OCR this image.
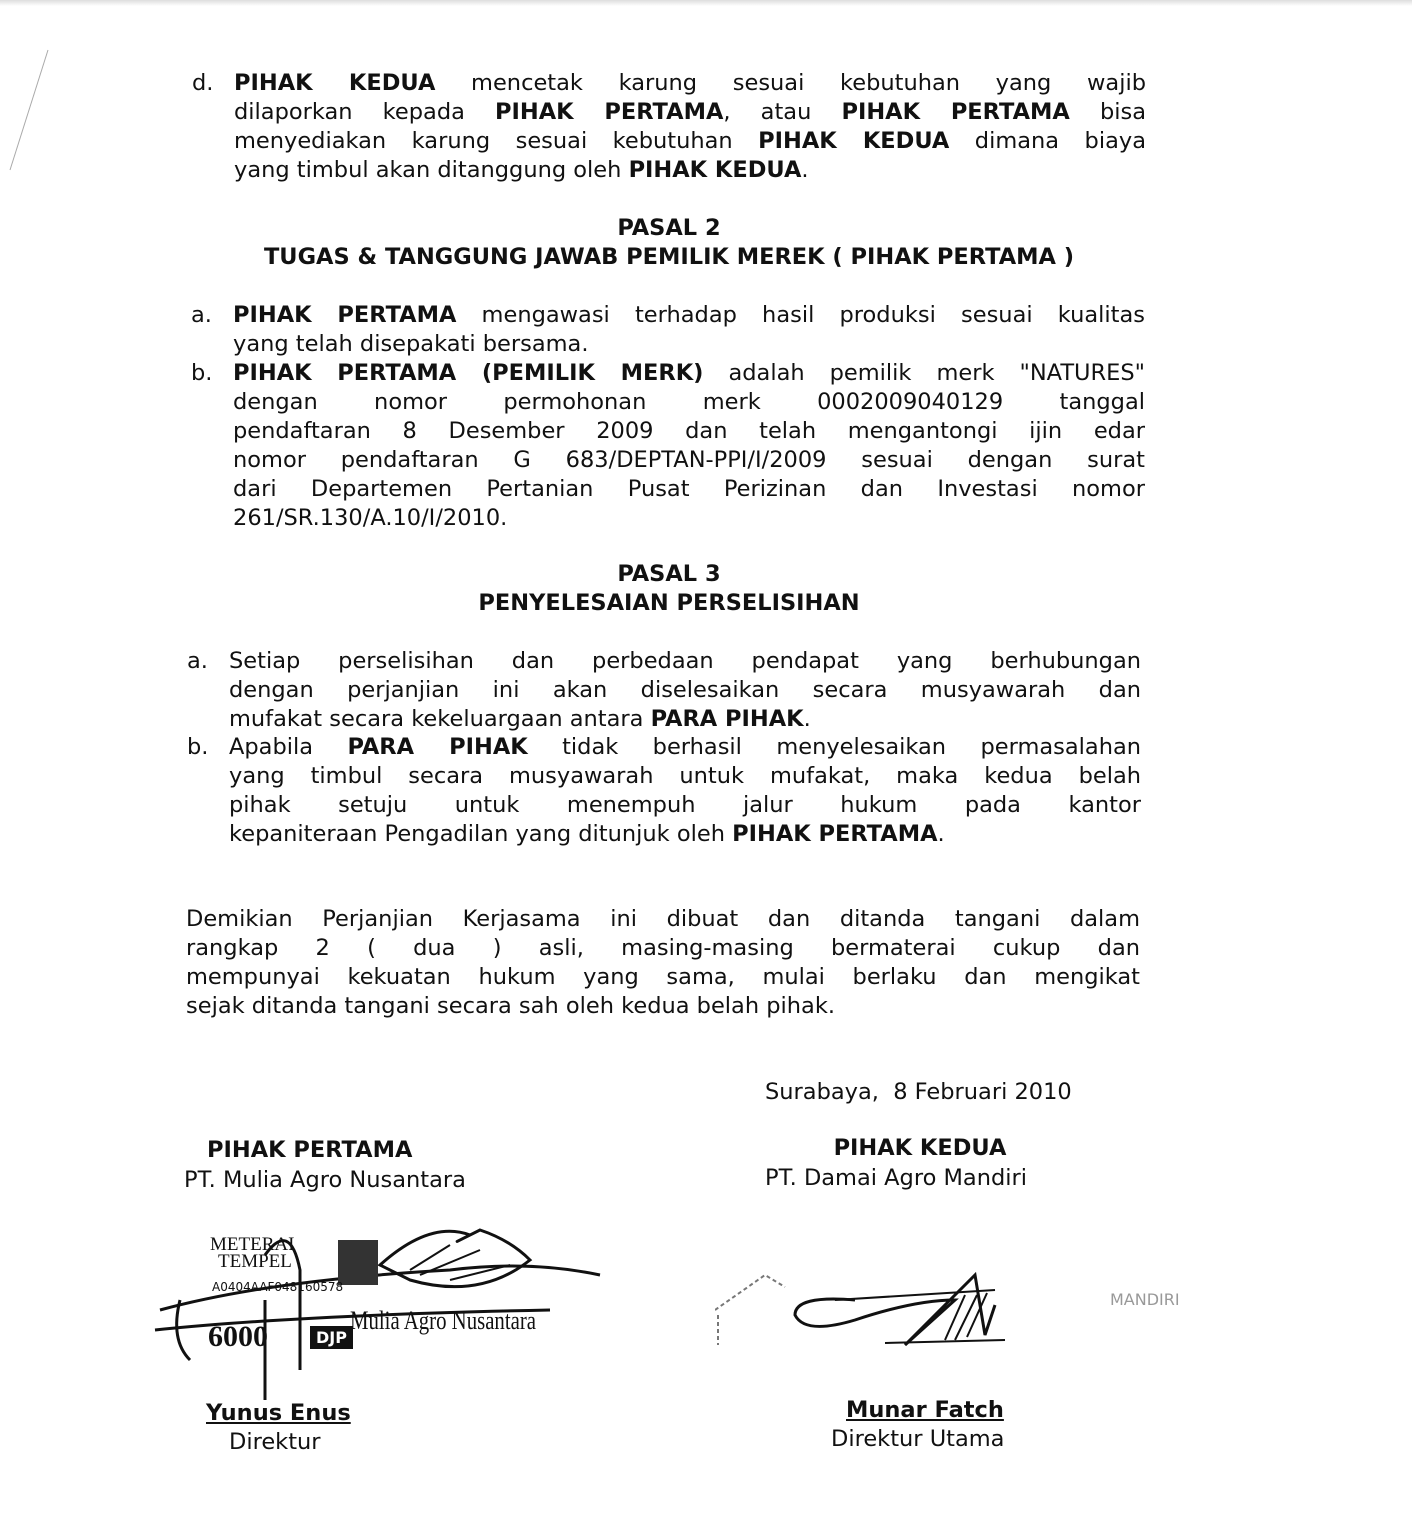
d. PIHAK KEDUA mencetak karung sesuai kebutuhan yang wajib
dilaporkan kepada PIHAK PERTAMA, atau PIHAK PERTAMA bisa
menyediakan karung sesuai kebutuhan PIHAK KEDUA dimana biaya
yang timbul akan ditanggung oleh PIHAK KEDUA.
PASAL 2
TUGAS & TANGGUNG JAWAB PEMILIK MEREK ( PIHAK PERTAMA )
a. PIHAK PERTAMA mengawasi terhadap hasil produksi sesuai kualitas
yang telah disepakati bersama.
b. PIHAK PERTAMA (PEMILIK MERK) adalah pemilik merk "NATURES"
dengan nomor permohonan merk 0002009040129 tanggal
pendaftaran 8 Desember 2009 dan telah mengantongi ijin edar
nomor pendaftaran G 683/DEPTAN-PPI/I/2009 sesuai dengan surat
dari Departemen Pertanian Pusat Perizinan dan Investasi nomor
261/SR.130/A.10/I/2010.
PASAL 3
PENYELESAIAN PERSELISIHAN
a. Setiap perselisihan dan perbedaan pendapat yang berhubungan
dengan perjanjian ini akan diselesaikan secara musyawarah dan
mufakat secara kekeluargaan antara PARA PIHAK.
b. Apabila PARA PIHAK tidak berhasil menyelesaikan permasalahan
yang timbul secara musyawarah untuk mufakat, maka kedua belah
pihak setuju untuk menempuh jalur hukum pada kantor
kepaniteraan Pengadilan yang ditunjuk oleh PIHAK PERTAMA.
Demikian Perjanjian Kerjasama ini dibuat dan ditanda tangani dalam
rangkap 2 ( dua ) asli, masing-masing bermaterai cukup dan
mempunyai kekuatan hukum yang sama, mulai berlaku dan mengikat
sejak ditanda tangani secara sah oleh kedua belah pihak.
Surabaya,  8 Februari 2010
PIHAK PERTAMA
PT. Mulia Agro Nusantara
PIHAK KEDUA
PT. Damai Agro Mandiri
METERAI
TEMPEL
A0404AAF048160578
6000	DJP
Mulia Agro Nusantara
MANDIRI
Yunus Enus
Direktur
Munar Fatch
Direktur Utama
